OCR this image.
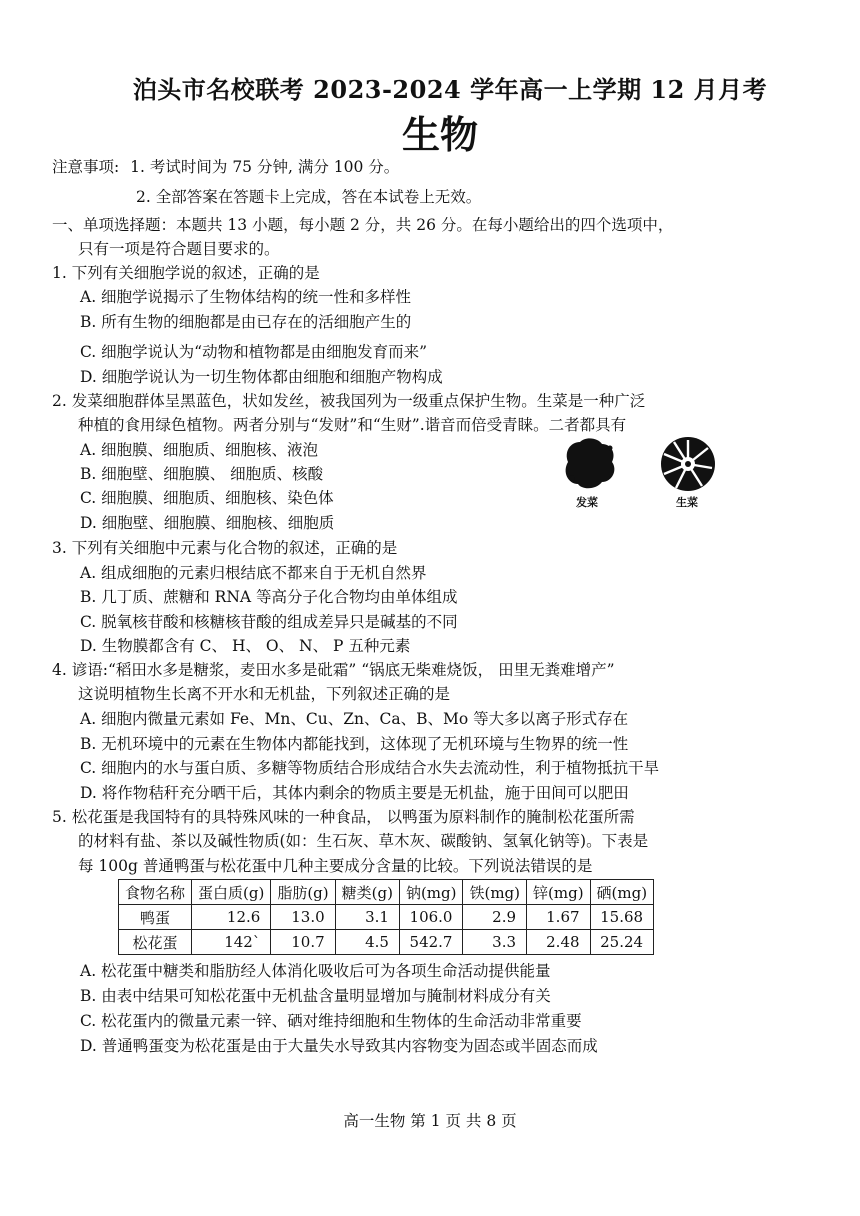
泊头市名校联考 2023-2024 学年高一上学期 12 月月考
生物
注意事项: 1. 考试时间为 75 分钟, 满分 100 分。
2. 全部答案在答题卡上完成，答在本试卷上无效。
一、单项选择题：本题共 13 小题，每小题 2 分，共 26 分。在每小题给出的四个选项中，
只有一项是符合题目要求的。
1. 下列有关细胞学说的叙述，正确的是
A. 细胞学说揭示了生物体结构的统一性和多样性
B. 所有生物的细胞都是由已存在的活细胞产生的
C. 细胞学说认为“动物和植物都是由细胞发育而来”
D. 细胞学说认为一切生物体都由细胞和细胞产物构成
2. 发菜细胞群体呈黑蓝色，状如发丝，被我国列为一级重点保护生物。生菜是一种广泛
种植的食用绿色植物。两者分别与“发财”和“生财”.谐音而倍受青睐。二者都具有
A. 细胞膜、细胞质、细胞核、液泡
B. 细胞壁、细胞膜、 细胞质、核酸
C. 细胞膜、细胞质、细胞核、染色体
D. 细胞壁、细胞膜、细胞核、细胞质
发菜	生菜
3. 下列有关细胞中元素与化合物的叙述，正确的是
A. 组成细胞的元素归根结底不都来自于无机自然界
B. 几丁质、蔗糖和 RNA 等高分子化合物均由单体组成
C. 脱氧核苷酸和核糖核苷酸的组成差异只是碱基的不同
D. 生物膜都含有 C、 H、 O、 N、 P 五种元素
4. 谚语:“稻田水多是糖浆，麦田水多是砒霜” “锅底无柴难烧饭， 田里无粪难增产”
这说明植物生长离不开水和无机盐，下列叙述正确的是
A. 细胞内微量元素如 Fe、Mn、Cu、Zn、Ca、B、Mo 等大多以离子形式存在
B. 无机环境中的元素在生物体内都能找到，这体现了无机环境与生物界的统一性
C. 细胞内的水与蛋白质、多糖等物质结合形成结合水失去流动性，利于植物抵抗干旱
D. 将作物秸秆充分晒干后，其体内剩余的物质主要是无机盐，施于田间可以肥田
5. 松花蛋是我国特有的具特殊风味的一种食品， 以鸭蛋为原料制作的腌制松花蛋所需
的材料有盐、茶以及碱性物质(如：生石灰、草木灰、碳酸钠、氢氧化钠等)。下表是
每 100g 普通鸭蛋与松花蛋中几种主要成分含量的比较。下列说法错误的是
食物名称	蛋白质(g)	脂肪(g)	糖类(g)	钠(mg)	铁(mg)	锌(mg)	硒(mg)
鸭蛋	12.6	13.0	3.1	106.0	2.9	1.67	15.68
松花蛋	142`	10.7	4.5	542.7	3.3	2.48	25.24
A. 松花蛋中糖类和脂肪经人体消化吸收后可为各项生命活动提供能量
B. 由表中结果可知松花蛋中无机盐含量明显增加与腌制材料成分有关
C. 松花蛋内的微量元素一锌、硒对维持细胞和生物体的生命活动非常重要
D. 普通鸭蛋变为松花蛋是由于大量失水导致其内容物变为固态或半固态而成
高一生物 第 1 页 共 8 页
